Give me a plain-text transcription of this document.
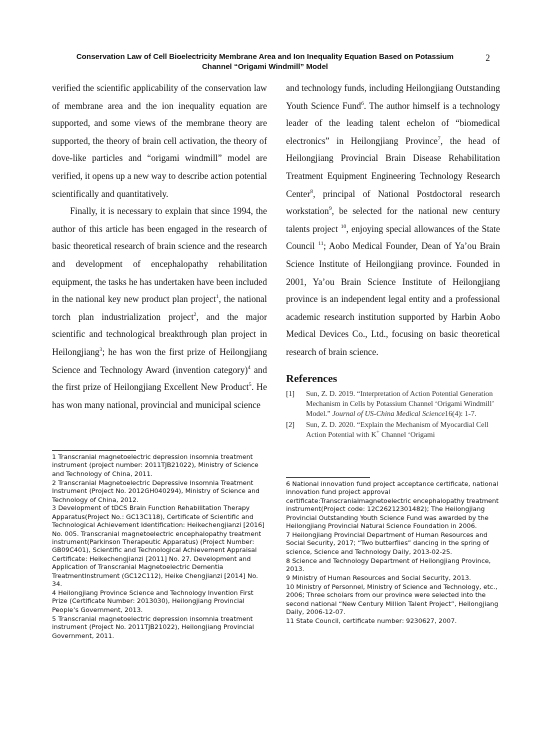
Conservation Law of Cell Bioelectricity Membrane Area and Ion Inequality Equation Based on Potassium Channel “Origami Windmill” Model
2

verified the scientific applicability of the conservation law of membrane area and the ion inequality equation are supported, and some views of the membrane theory are supported, the theory of brain cell activation, the theory of dove-like particles and “origami windmill” model are verified, it opens up a new way to describe action potential scientifically and quantitatively.

Finally, it is necessary to explain that since 1994, the author of this article has been engaged in the research of basic theoretical research of brain science and the research and development of encephalopathy rehabilitation equipment, the tasks he has undertaken have been included in the national key new product plan project$^1$, the national torch plan industrialization project$^2$, and the major scientific and technological breakthrough plan project in Heilongjiang$^3$; he has won the first prize of Heilongjiang Science and Technology Award (invention category)$^4$ and the first prize of Heilongjiang Excellent New Product$^5$. He has won many national, provincial and municipal science

and technology funds, including Heilongjiang Outstanding Youth Science Fund$^6$. The author himself is a technology leader of the leading talent echelon of “biomedical electronics” in Heilongjiang Province$^7$, the head of Heilongjiang Provincial Brain Disease Rehabilitation Treatment Equipment Engineering Technology Research Center$^8$, principal of National Postdoctoral research workstation$^9$, be selected for the national new century talents project $^{10}$, enjoying special allowances of the State Council $^{11}$; Aobo Medical Founder, Dean of Ya’ou Brain Science Institute of Heilongjiang province. Founded in 2001, Ya’ou Brain Science Institute of Heilongjiang province is an independent legal entity and a professional academic research institution supported by Harbin Aobo Medical Devices Co., Ltd., focusing on basic theoretical research of brain science.

References
[1]	Sun, Z. D. 2019. “Interpretation of Action Potential Generation Mechanism in Cells by Potassium Channel ‘Origami Windmill’ Model.” Journal of US-China Medical Science16(4): 1-7.
[2]	Sun, Z. D. 2020. “Explain the Mechanism of Myocardial Cell Action Potential with K+ Channel ‘Origami

1 Transcranial magnetoelectric depression insomnia treatment instrument (project number: 2011TJB21022), Ministry of Science and Technology of China, 2011.

2 Transcranial Magnetoelectric Depressive Insomnia Treatment Instrument (Project No. 2012GH040294), Ministry of Science and Technology of China, 2012.

3 Development of tDCS Brain Function Rehabilitation Therapy Apparatus(Project No.: GC13C118), Certificate of Scientific and Technological Achievement Identification: Heikechengjianzi [2016] No. 005. Transcranial magnetoelectric encephalopathy treatment instrument(Parkinson Therapeutic Apparatus) (Project Number: GB09C401), Scientific and Technological Achievement Appraisal Certificate: Heikechengjianzi [2011] No. 27. Development and Application of Transcranial Magnetoelectric Dementia TreatmentInstrument (GC12C112), Heike Chengjianzi [2014] No. 34.

4 Heilongjiang Province Science and Technology Invention First Prize (Certificate Number: 2013030), Heilongjiang Provincial People’s Government, 2013.

5 Transcranial magnetoelectric depression insomnia treatment instrument (Project No. 2011TJB21022), Heilongjiang Provincial Government, 2011.

6 National innovation fund project acceptance certificate, national innovation fund project approval certificate:Transcranialmagnetoelectric encephalopathy treatment instrument(Project code: 12C26212301482); The Heilongjiang Provincial Outstanding Youth Science Fund was awarded by the Heilongjiang Provincial Natural Science Foundation in 2006.

7 Heilongjiang Provincial Department of Human Resources and Social Security, 2017; “Two butterflies” dancing in the spring of science, Science and Technology Daily, 2013-02-25.

8 Science and Technology Department of Heilongjiang Province, 2013.

9 Ministry of Human Resources and Social Security, 2013.

10 Ministry of Personnel, Ministry of Science and Technology, etc., 2006; Three scholars from our province were selected into the second national “New Century Million Talent Project”, Heilongjiang Daily, 2006-12-07.

11 State Council, certificate number: 9230627, 2007.
